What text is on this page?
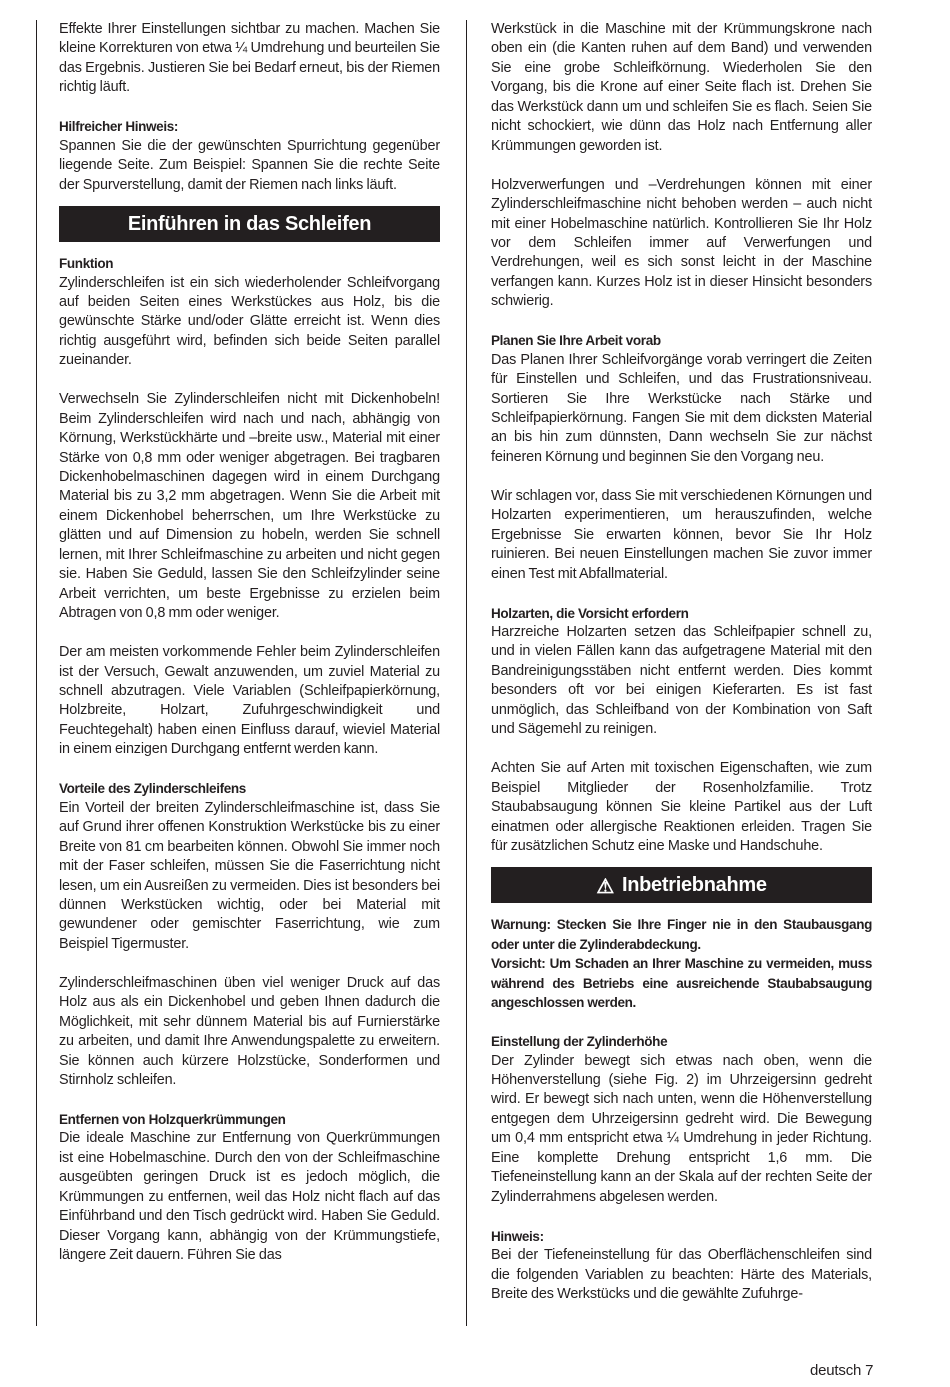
Effekte Ihrer Einstellungen sichtbar zu machen. Machen Sie kleine Korrekturen von etwa ¼ Umdrehung und beurteilen Sie das Ergebnis. Justieren Sie bei Bedarf erneut, bis der Riemen richtig läuft.

Hilfreicher Hinweis:

Spannen Sie die der gewünschten Spurrichtung gegenüber liegende Seite. Zum Beispiel: Spannen Sie die rechte Seite der Spurverstellung, damit der Riemen nach links läuft.

Einführen in das Schleifen

Funktion

Zylinderschleifen ist ein sich wiederholender Schleifvorgang auf beiden Seiten eines Werkstückes aus Holz, bis die gewünschte Stärke und/oder Glätte erreicht ist. Wenn dies richtig ausgeführt wird, befinden sich beide Seiten parallel zueinander.

Verwechseln Sie Zylinderschleifen nicht mit Dickenhobeln! Beim Zylinderschleifen wird nach und nach, abhängig von Körnung, Werkstückhärte und –breite usw., Material mit einer Stärke von 0,8 mm oder weniger abgetragen. Bei tragbaren Dickenhobelmaschinen dagegen wird in einem Durchgang Material bis zu 3,2 mm abgetragen. Wenn Sie die Arbeit mit einem Dickenhobel beherrschen, um Ihre Werkstücke zu glätten und auf Dimension zu hobeln, werden Sie schnell lernen, mit Ihrer Schleifmaschine zu arbeiten und nicht gegen sie. Haben Sie Geduld, lassen Sie den Schleifzylinder seine Arbeit verrichten, um beste Ergebnisse zu erzielen beim Abtragen von 0,8 mm oder weniger.

Der am meisten vorkommende Fehler beim Zylinderschleifen ist der Versuch, Gewalt anzuwenden, um zuviel Material zu schnell abzutragen. Viele Variablen (Schleifpapierkörnung, Holzbreite, Holzart, Zufuhrgeschwindigkeit und Feuchtegehalt) haben einen Einfluss darauf, wieviel Material in einem einzigen Durchgang entfernt werden kann.

Vorteile des Zylinderschleifens

Ein Vorteil der breiten Zylinderschleifmaschine ist, dass Sie auf Grund ihrer offenen Konstruktion Werkstücke bis zu einer Breite von 81 cm bearbeiten können. Obwohl Sie immer noch mit der Faser schleifen, müssen Sie die Faserrichtung nicht lesen, um ein Ausreißen zu vermeiden. Dies ist besonders bei dünnen Werkstücken wichtig, oder bei Material mit gewundener oder gemischter Faserrichtung, wie zum Beispiel Tigermuster.

Zylinderschleifmaschinen üben viel weniger Druck auf das Holz aus als ein Dickenhobel und geben Ihnen dadurch die Möglichkeit, mit sehr dünnem Material bis auf Furnierstärke zu arbeiten, und damit Ihre Anwendungspalette zu erweitern. Sie können auch kürzere Holzstücke, Sonderformen und Stirnholz schleifen.

Entfernen von Holzquerkrümmungen

Die ideale Maschine zur Entfernung von Querkrümmungen ist eine Hobelmaschine. Durch den von der Schleifmaschine ausgeübten geringen Druck ist es jedoch möglich, die Krümmungen zu entfernen, weil das Holz nicht flach auf das Einführband und den Tisch gedrückt wird. Haben Sie Geduld. Dieser Vorgang kann, abhängig von der Krümmungstiefe, längere Zeit dauern. Führen Sie das

Werkstück in die Maschine mit der Krümmungskrone nach oben ein (die Kanten ruhen auf dem Band) und verwenden Sie eine grobe Schleifkörnung. Wiederholen Sie den Vorgang, bis die Krone auf einer Seite flach ist. Drehen Sie das Werkstück dann um und schleifen Sie es flach. Seien Sie nicht schockiert, wie dünn das Holz nach Entfernung aller Krümmungen geworden ist.

Holzverwerfungen und –Verdrehungen können mit einer Zylinderschleifmaschine nicht behoben werden – auch nicht mit einer Hobelmaschine natürlich. Kontrollieren Sie Ihr Holz vor dem Schleifen immer auf Verwerfungen und Verdrehungen, weil es sich sonst leicht in der Maschine verfangen kann. Kurzes Holz ist in dieser Hinsicht besonders schwierig.

Planen Sie Ihre Arbeit vorab

Das Planen Ihrer Schleifvorgänge vorab verringert die Zeiten für Einstellen und Schleifen, und das Frustrationsniveau. Sortieren Sie Ihre Werkstücke nach Stärke und Schleifpapierkörnung. Fangen Sie mit dem dicksten Material an bis hin zum dünnsten, Dann wechseln Sie zur nächst feineren Körnung und beginnen Sie den Vorgang neu.

Wir schlagen vor, dass Sie mit verschiedenen Körnungen und Holzarten experimentieren, um herauszufinden, welche Ergebnisse Sie erwarten können, bevor Sie Ihr Holz ruinieren. Bei neuen Einstellungen machen Sie zuvor immer einen Test mit Abfallmaterial.

Holzarten, die Vorsicht erfordern

Harzreiche Holzarten setzen das Schleifpapier schnell zu, und in vielen Fällen kann das aufgetragene Material mit den Bandreinigungsstäben nicht entfernt werden. Dies kommt besonders oft vor bei einigen Kieferarten. Es ist fast unmöglich, das Schleifband von der Kombination von Saft und Sägemehl zu reinigen.

Achten Sie auf Arten mit toxischen Eigenschaften, wie zum Beispiel Mitglieder der Rosenholzfamilie. Trotz Staubabsaugung können Sie kleine Partikel aus der Luft einatmen oder allergische Reaktionen erleiden. Tragen Sie für zusätzlichen Schutz eine Maske und Handschuhe.

⚠ Inbetriebnahme

Warnung: Stecken Sie Ihre Finger nie in den Staubausgang oder unter die Zylinderabdeckung.

Vorsicht: Um Schaden an Ihrer Maschine zu vermeiden, muss während des Betriebs eine ausreichende Staubabsaugung angeschlossen werden.

Einstellung der Zylinderhöhe

Der Zylinder bewegt sich etwas nach oben, wenn die Höhenverstellung (siehe Fig. 2) im Uhrzeigersinn gedreht wird. Er bewegt sich nach unten, wenn die Höhenverstellung entgegen dem Uhrzeigersinn gedreht wird. Die Bewegung um 0,4 mm entspricht etwa ¼ Umdrehung in jeder Richtung. Eine komplette Drehung entspricht 1,6 mm. Die Tiefeneinstellung kann an der Skala auf der rechten Seite der Zylinderrahmens abgelesen werden.

Hinweis:

Bei der Tiefeneinstellung für das Oberflächenschleifen sind die folgenden Variablen zu beachten: Härte des Materials, Breite des Werkstücks und die gewählte Zufuhrge-

deutsch 7
